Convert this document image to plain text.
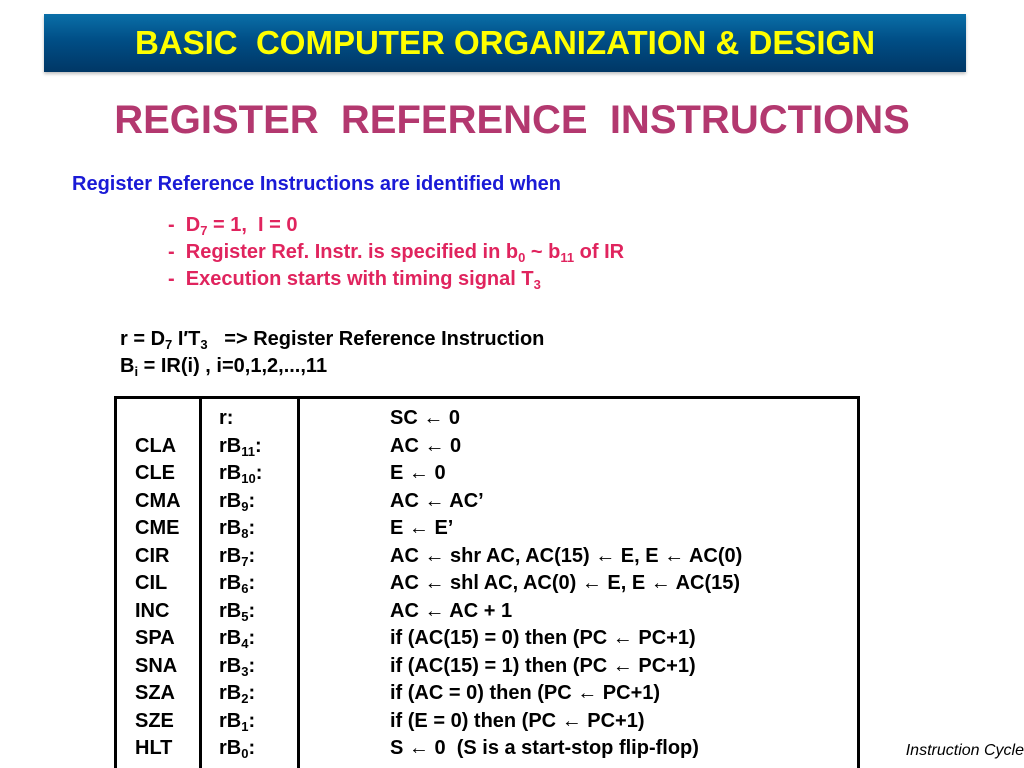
BASIC  COMPUTER ORGANIZATION & DESIGN
REGISTER  REFERENCE  INSTRUCTIONS
Register Reference Instructions are identified when
-  $D_7 = 1$,  I = 0
-  Register Ref. Instr. is specified in $b_0$ ~ $b_{11}$ of IR
-  Execution starts with timing signal $T_3$
$r = D_7$ $I'T_3$   => Register Reference Instruction
$B_i = IR(i)$ , i=0,1,2,...,11
CLA
CLE
CMA
CME
CIR
CIL
INC
SPA
SNA
SZA
SZE
HLT
r:
$rB_{11}$:
$rB_{10}$:
$rB_9$:
$rB_8$:
$rB_7$:
$rB_6$:
$rB_5$:
$rB_4$:
$rB_3$:
$rB_2$:
$rB_1$:
$rB_0$:
SC ← 0
AC ← 0
E ← 0
AC ← AC’
E ← E’
AC ← shr AC, AC(15) ← E, E ← AC(0)
AC ← shl AC, AC(0) ← E, E ← AC(15)
AC ← AC + 1
if (AC(15) = 0) then (PC ← PC+1)
if (AC(15) = 1) then (PC ← PC+1)
if (AC = 0) then (PC ← PC+1)
if (E = 0) then (PC ← PC+1)
S ← 0  (S is a start-stop flip-flop)	Instruction Cycle
